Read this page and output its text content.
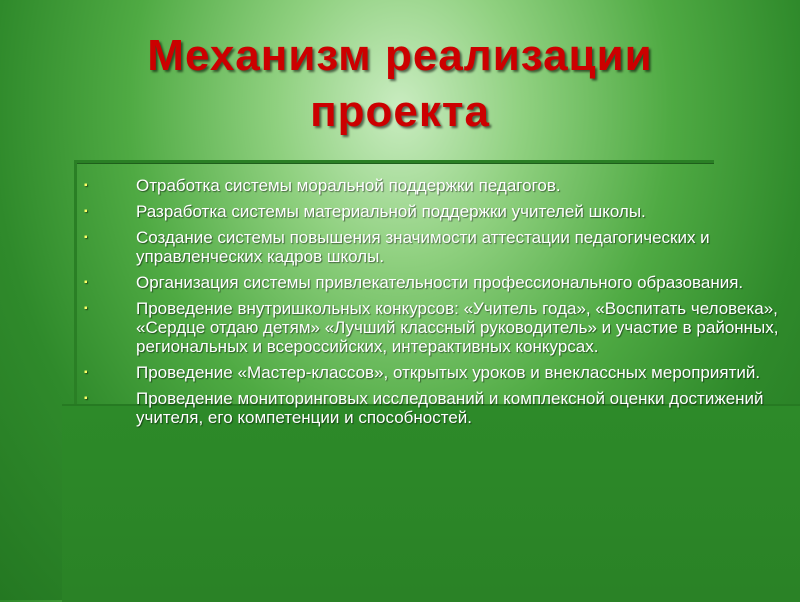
Механизм реализации
проекта
▪	Отработка системы моральной поддержки педагогов.
▪	Разработка системы материальной поддержки учителей школы.
▪	Создание системы повышения значимости аттестации педагогических и управленческих кадров школы.
▪	Организация системы привлекательности профессионального образования.
▪	Проведение внутришкольных конкурсов: «Учитель года», «Воспитать человека», «Сердце отдаю детям» «Лучший классный руководитель» и участие в районных, региональных и всероссийских, интерактивных конкурсах.
▪	Проведение «Мастер-классов», открытых уроков и внеклассных мероприятий.
▪	Проведение мониторинговых исследований и комплексной оценки достижений учителя, его компетенции и способностей.
